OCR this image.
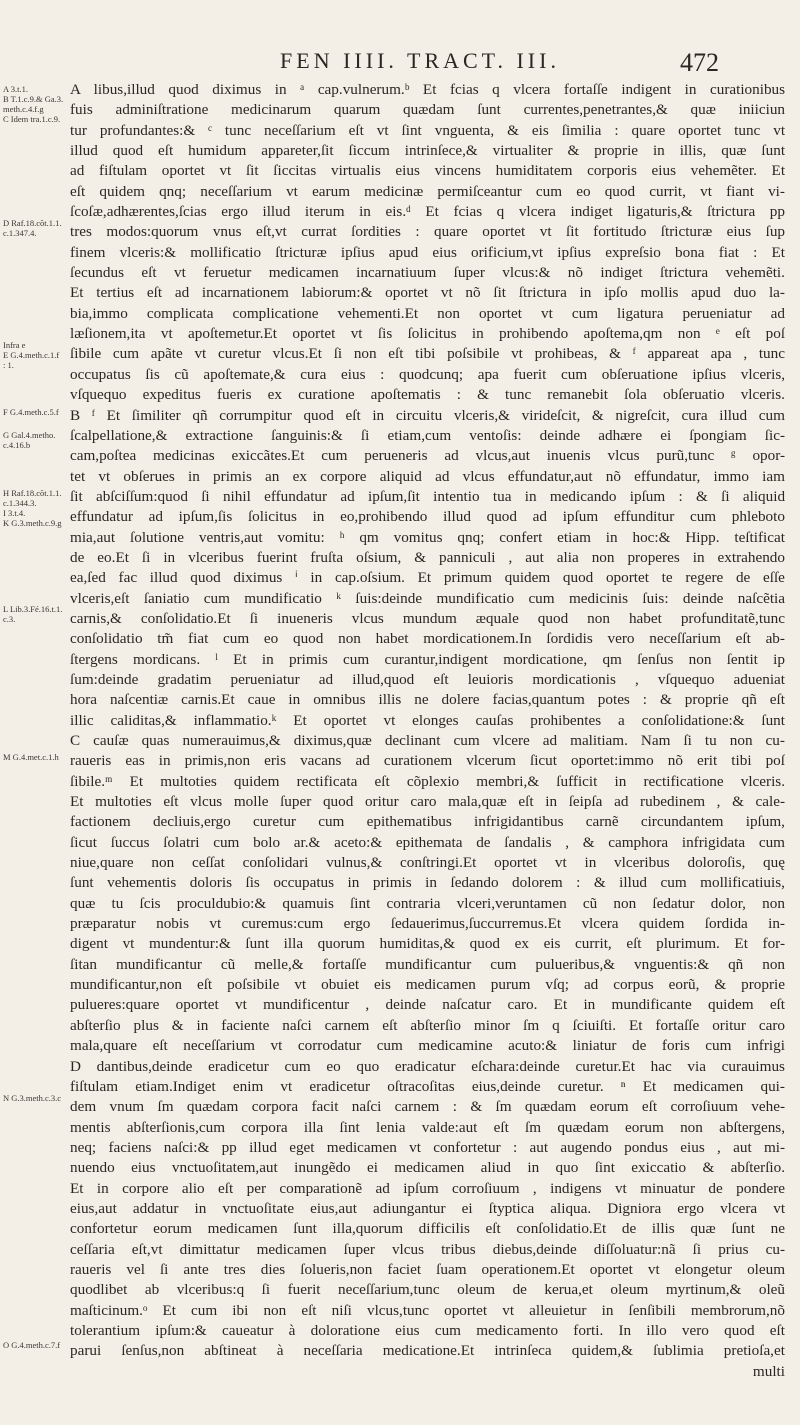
FEN IIII. TRACT. III.	472
A 3.t.1.
B T.1.c.9.& Ga.3.
meth.c.4.f.g
C Idem tra.1.c.9.
D Raf.18.cõt.1.1.
c.1.347.4.
Infra e
E G.4.meth.c.1.f
: 1.
F G.4.meth.c.5.f
G Gal.4.metho.
c.4.16.b
H Raf.18.cõt.1.1.
c.1.344.3.
I 3.t.4.
K G.3.meth.c.9.g
L Lib.3.Fé.16.t.1.
c.3.
M G.4.met.c.1.h
N G.3.meth.c.3.c
O G.4.meth.c.7.f
A libus,illud quod diximus in ᵃ cap.vulnerum.ᵇ Et fcias q vlcera fortaſſe indigent in curationibus
fuis adminiſtratione medicinarum quarum quædam ſunt currentes,penetrantes,& quæ iniiciun
tur profundantes:& ᶜ tunc neceſſarium eſt vt ſint vnguenta, & eis ſimilia : quare oportet tunc vt
illud quod eſt humidum appareter,ſit ſiccum intrinſece,& virtualiter & proprie in illis, quæ ſunt
ad fiſtulam oportet vt ſit ſiccitas virtualis eius vincens humiditatem corporis eius vehemẽter. Et
eſt quidem qnq; neceſſarium vt earum medicinæ permiſceantur cum eo quod currit, vt fiant vi-
ſcoſæ,adhærentes,ſcias ergo illud iterum in eis.ᵈ Et fcias q vlcera indiget ligaturis,& ſtrictura pp
tres modos:quorum vnus eſt,vt currat ſordities : quare oportet vt ſit fortitudo ſtricturæ eius ſup
finem vlceris:& mollificatio ſtricturæ ipſius apud eius orificium,vt ipſius expreſsio bona fiat : Et
ſecundus eſt vt feruetur medicamen incarnatiuum ſuper vlcus:& nõ indiget ſtrictura vehemẽti.
Et tertius eſt ad incarnationem labiorum:& oportet vt nõ ſit ſtrictura in ipſo mollis apud duo la-
bia,immo complicata complicatione vehementi.Et non oportet vt cum ligatura perueniatur ad
læſionem,ita vt apoſtemetur.Et oportet vt ſis ſolicitus in prohibendo apoſtema,qm non ᵉ eſt poſ
ſibile cum apãte vt curetur vlcus.Et ſi non eſt tibi poſsibile vt prohibeas, & ᶠ appareat apa , tunc
occupatus ſis cũ apoſtemate,& cura eius : quodcunq; apa fuerit cum obſeruatione ipſius vlceris,
vſquequo expeditus fueris ex curatione apoſtematis : & tunc remanebit ſola obſeruatio vlceris.
B ᶠ Et ſimiliter qñ corrumpitur quod eſt in circuitu vlceris,& virideſcit, & nigreſcit, cura illud cum
ſcalpellatione,& extractione ſanguinis:& ſi etiam,cum ventoſis: deinde adhære ei ſpongiam ſic-
cam,poſtea medicinas exiccãtes.Et cum perueneris ad vlcus,aut inuenis vlcus purũ,tunc ᵍ opor-
tet vt obſerues in primis an ex corpore aliquid ad vlcus effundatur,aut nõ effundatur, immo iam
ſit abſciſſum:quod ſi nihil effundatur ad ipſum,ſit intentio tua in medicando ipſum : & ſi aliquid
effundatur ad ipſum,ſis ſolicitus in eo,prohibendo illud quod ad ipſum effunditur cum phleboto
mia,aut ſolutione ventris,aut vomitu: ʰ qm vomitus qnq; confert etiam in hoc:& Hipp. teſtificat
de eo.Et ſi in vlceribus fuerint fruſta oſsium, & panniculi , aut alia non properes in extrahendo
ea,ſed fac illud quod diximus ⁱ in cap.oſsium. Et primum quidem quod oportet te regere de eſſe
vlceris,eſt ſaniatio cum mundificatio ᵏ ſuis:deinde mundificatio cum medicinis ſuis: deinde naſcẽtia
carnis,& conſolidatio.Et ſi inueneris vlcus mundum æquale quod non habet profunditatẽ,tunc
conſolidatio tm̃ fiat cum eo quod non habet mordicationem.In ſordidis vero neceſſarium eſt ab-
ſtergens mordicans. ˡ Et in primis cum curantur,indigent mordicatione, qm ſenſus non ſentit ip
ſum:deinde gradatim perueniatur ad illud,quod eſt leuioris mordicationis , vſquequo adueniat
hora naſcentiæ carnis.Et caue in omnibus illis ne dolere facias,quantum potes : & proprie qñ eſt
illic caliditas,& inflammatio.ᵏ Et oportet vt elonges cauſas prohibentes a conſolidatione:& ſunt
C cauſæ quas numerauimus,& diximus,quæ declinant cum vlcere ad malitiam. Nam ſi tu non cu-
raueris eas in primis,non eris vacans ad curationem vlcerum ſicut oportet:immo nõ erit tibi poſ
ſibile.ᵐ Et multoties quidem rectificata eſt cõplexio membri,& ſufficit in rectificatione vlceris.
Et multoties eſt vlcus molle ſuper quod oritur caro mala,quæ eſt in ſeipſa ad rubedinem , & cale-
factionem decliuis,ergo curetur cum epithematibus infrigidantibus carnẽ circundantem ipſum,
ſicut ſuccus ſolatri cum bolo ar.& aceto:& epithemata de ſandalis , & camphora infrigidata cum
niue,quare non ceſſat conſolidari vulnus,& conſtringi.Et oportet vt in vlceribus doloroſis, quę
ſunt vehementis doloris ſis occupatus in primis in ſedando dolorem : & illud cum mollificatiuis,
quæ tu ſcis proculdubio:& quamuis ſint contraria vlceri,veruntamen cũ non ſedatur dolor, non
præparatur nobis vt curemus:cum ergo ſedauerimus,ſuccurremus.Et vlcera quidem ſordida in-
digent vt mundentur:& ſunt illa quorum humiditas,& quod ex eis currit, eſt plurimum. Et for-
ſitan mundificantur cũ melle,& fortaſſe mundificantur cum pulueribus,& vnguentis:& qñ non
mundificantur,non eſt poſsibile vt obuiet eis medicamen purum vſq; ad corpus eorũ, & proprie
pulueres:quare oportet vt mundificentur , deinde naſcatur caro. Et in mundificante quidem eſt
abſterſio plus & in faciente naſci carnem eſt abſterſio minor ſm q ſciuiſti. Et fortaſſe oritur caro
mala,quare eſt neceſſarium vt corrodatur cum medicamine acuto:& liniatur de foris cum infrigi
D dantibus,deinde eradicetur cum eo quo eradicatur eſchara:deinde curetur.Et hac via curauimus
fiſtulam etiam.Indiget enim vt eradicetur oſtracoſitas eius,deinde curetur. ⁿ Et medicamen qui-
dem vnum ſm quædam corpora facit naſci carnem : & ſm quædam eorum eſt corroſiuum vehe-
mentis abſterſionis,cum corpora illa ſint lenia valde:aut eſt ſm quædam eorum non abſtergens,
neq; faciens naſci:& pp illud eget medicamen vt confortetur : aut augendo pondus eius , aut mi-
nuendo eius vnctuoſitatem,aut inungẽdo ei medicamen aliud in quo ſint exiccatio & abſterſio.
Et in corpore alio eſt per comparationẽ ad ipſum corroſiuum , indigens vt minuatur de pondere
eius,aut addatur in vnctuoſitate eius,aut adiungantur ei ſtyptica aliqua. Digniora ergo vlcera vt
confortetur eorum medicamen ſunt illa,quorum difficilis eſt conſolidatio.Et de illis quæ ſunt ne
ceſſaria eſt,vt dimittatur medicamen ſuper vlcus tribus diebus,deinde diſſoluatur:nã ſi prius cu-
raueris vel ſi ante tres dies ſolueris,non faciet ſuam operationem.Et oportet vt elongetur oleum
quodlibet ab vlceribus:q ſi fuerit neceſſarium,tunc oleum de kerua,et oleum myrtinum,& oleũ
maſticinum.ᵒ Et cum ibi non eſt niſi vlcus,tunc oportet vt alleuietur in ſenſibili membrorum,nõ
tolerantium ipſum:& caueatur à doloratione eius cum medicamento forti. In illo vero quod eſt
parui ſenſus,non abſtineat à neceſſaria medicatione.Et intrinſeca quidem,& ſublimia pretioſa,et
multi
